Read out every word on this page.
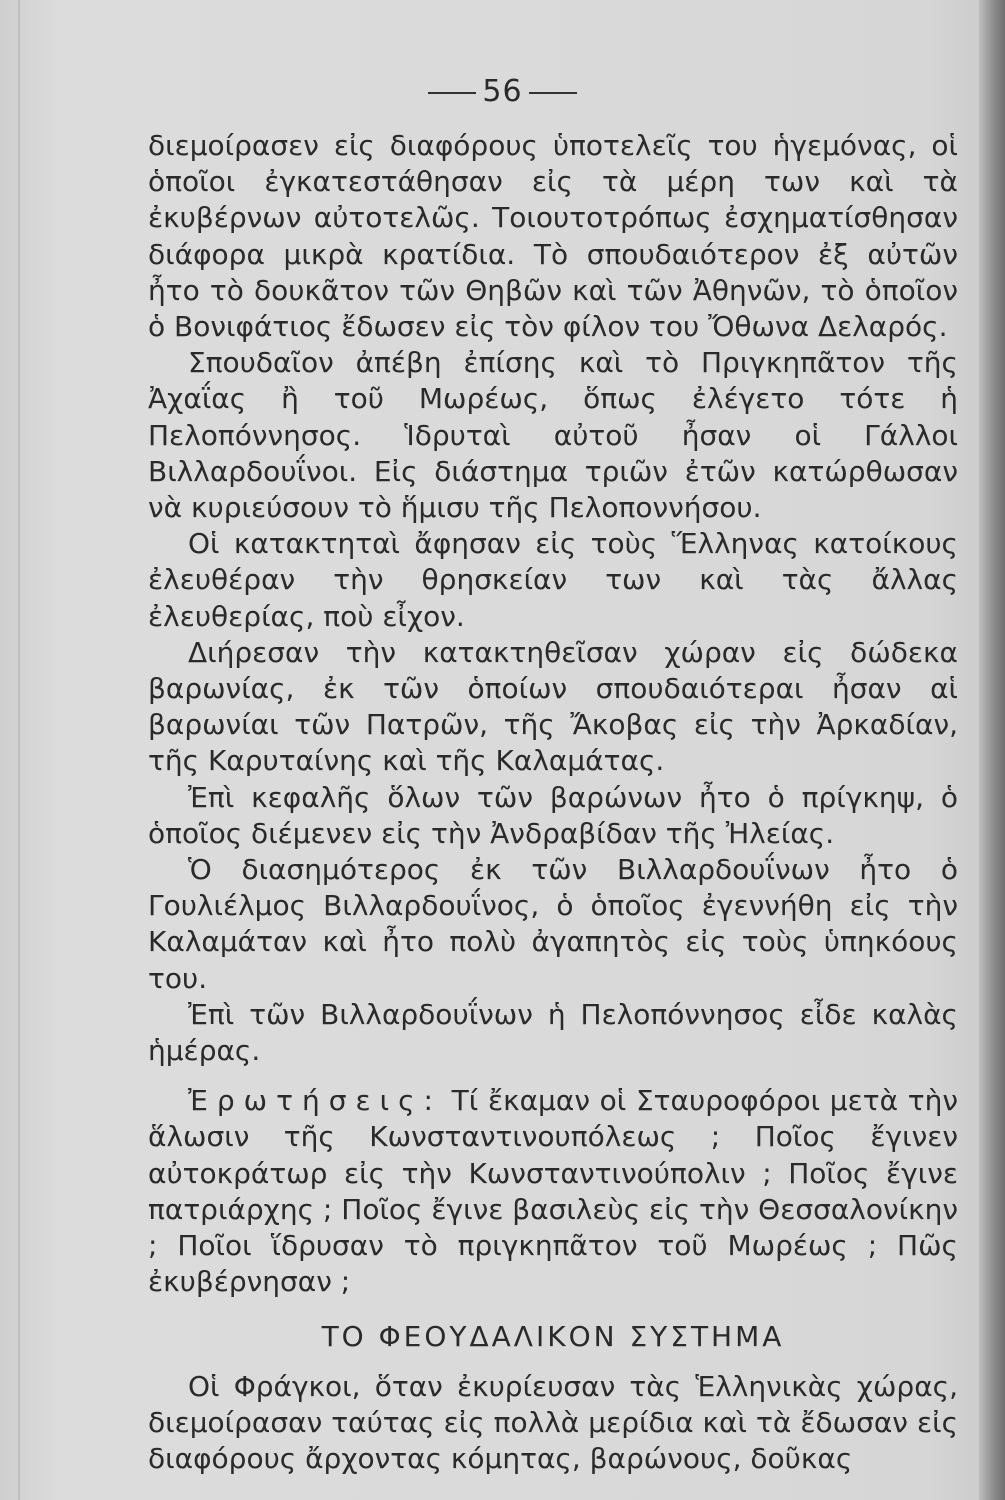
56

διεμοίρασεν εἰς διαφόρους ὑποτελεῖς του ἡγεμόνας, οἱ ὁποῖοι ἐγκατεστάθησαν εἰς τὰ μέρη των καὶ τὰ ἐκυβέρνων αὐτοτελῶς. Τοιουτοτρόπως ἐσχηματίσθησαν διάφορα μικρὰ κρατίδια. Τὸ σπουδαιότερον ἐξ αὐτῶν ἦτο τὸ δουκᾶτον τῶν Θηβῶν καὶ τῶν Ἀθηνῶν, τὸ ὁποῖον ὁ Βονιφάτιος ἔδωσεν εἰς τὸν φίλον του Ὄθωνα Δελαρός.

Σπουδαῖον ἀπέβη ἐπίσης καὶ τὸ Πριγκηπᾶτον τῆς Ἀχαΐας ἢ τοῦ Μωρέως, ὅπως ἐλέγετο τότε ἡ Πελοπόννησος. Ἱδρυταὶ αὐτοῦ ἦσαν οἱ Γάλλοι Βιλλαρδουΐνοι. Εἰς διάστημα τριῶν ἐτῶν κατώρθωσαν νὰ κυριεύσουν τὸ ἥμισυ τῆς Πελοποννήσου.

Οἱ κατακτηταὶ ἄφησαν εἰς τοὺς Ἕλληνας κατοίκους ἐλευθέραν τὴν θρησκείαν των καὶ τὰς ἄλλας ἐλευθερίας, ποὺ εἶχον.

Διήρεσαν τὴν κατακτηθεῖσαν χώραν εἰς δώδεκα βαρωνίας, ἐκ τῶν ὁποίων σπουδαιότεραι ἦσαν αἱ βαρωνίαι τῶν Πατρῶν, τῆς Ἄκοβας εἰς τὴν Ἀρκαδίαν, τῆς Καρυταίνης καὶ τῆς Καλαμάτας.

Ἐπὶ κεφαλῆς ὅλων τῶν βαρώνων ἦτο ὁ πρίγκηψ, ὁ ὁποῖος διέμενεν εἰς τὴν Ἀνδραβίδαν τῆς Ἠλείας.

Ὁ διασημότερος ἐκ τῶν Βιλλαρδουΐνων ἦτο ὁ Γουλιέλμος Βιλλαρδουΐνος, ὁ ὁποῖος ἐγεννήθη εἰς τὴν Καλαμάταν καὶ ἦτο πολὺ ἀγαπητὸς εἰς τοὺς ὑπηκόους του.

Ἐπὶ τῶν Βιλλαρδουΐνων ἡ Πελοπόννησος εἶδε καλὰς ἡμέρας.

Ἐρωτήσεις: Τί ἔκαμαν οἱ Σταυροφόροι μετὰ τὴν ἅλωσιν τῆς Κωνσταντινουπόλεως ; Ποῖος ἔγινεν αὐτοκράτωρ εἰς τὴν Κωνσταντινούπολιν ; Ποῖος ἔγινε πατριάρχης ; Ποῖος ἔγινε βασιλεὺς εἰς τὴν Θεσσαλονίκην ; Ποῖοι ἵδρυσαν τὸ πριγκηπᾶτον τοῦ Μωρέως ; Πῶς ἐκυβέρνησαν ;

ΤΟ ΦΕΟΥΔΑΛΙΚΟΝ ΣΥΣΤΗΜΑ

Οἱ Φράγκοι, ὅταν ἐκυρίευσαν τὰς Ἑλληνικὰς χώρας, διεμοίρασαν ταύτας εἰς πολλὰ μερίδια καὶ τὰ ἔδωσαν εἰς διαφόρους ἄρχοντας κόμητας, βαρώνους, δοῦκας
